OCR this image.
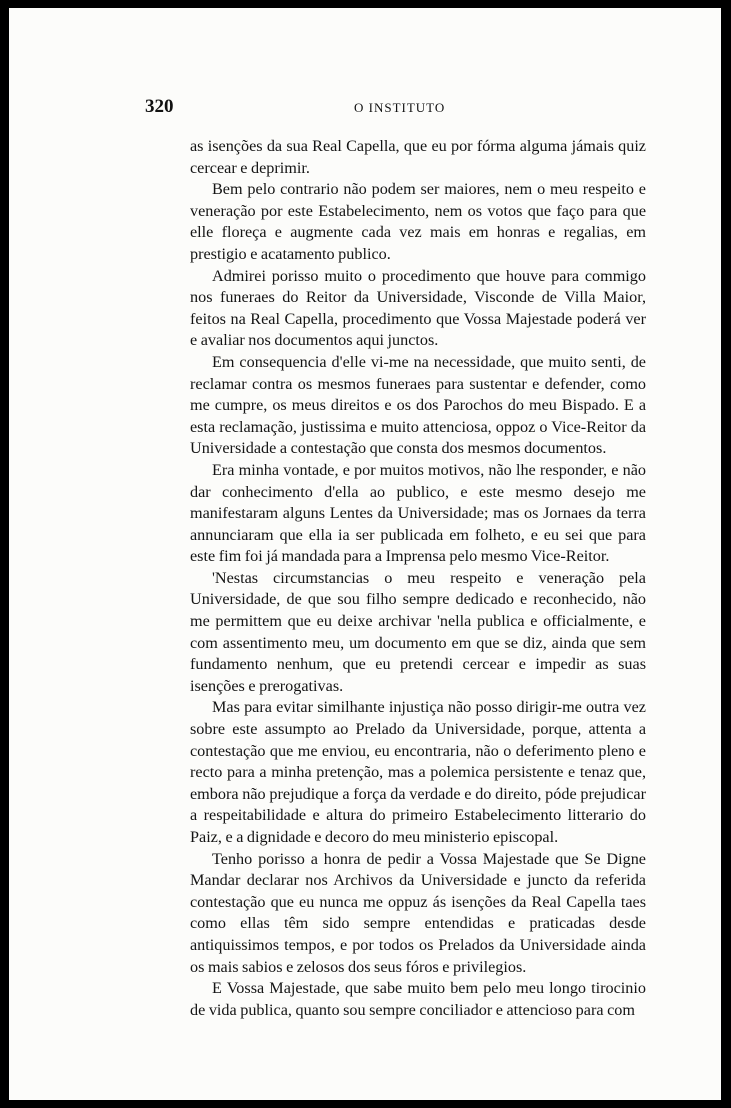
320	O INSTITUTO

as isenções da sua Real Capella, que eu por fórma alguma jámais quiz cercear e deprimir.

Bem pelo contrario não podem ser maiores, nem o meu respeito e veneração por este Estabelecimento, nem os votos que faço para que elle floreça e augmente cada vez mais em honras e regalias, em prestigio e acatamento publico.

Admirei porisso muito o procedimento que houve para commigo nos funeraes do Reitor da Universidade, Visconde de Villa Maior, feitos na Real Capella, procedimento que Vossa Majestade poderá ver e avaliar nos documentos aqui junctos.

Em consequencia d'elle vi-me na necessidade, que muito senti, de reclamar contra os mesmos funeraes para sustentar e defender, como me cumpre, os meus direitos e os dos Parochos do meu Bispado. E a esta reclamação, justissima e muito attenciosa, oppoz o Vice-Reitor da Universidade a contestação que consta dos mesmos documentos.

Era minha vontade, e por muitos motivos, não lhe responder, e não dar conhecimento d'ella ao publico, e este mesmo desejo me manifestaram alguns Lentes da Universidade; mas os Jornaes da terra annunciaram que ella ia ser publicada em folheto, e eu sei que para este fim foi já mandada para a Imprensa pelo mesmo Vice-Reitor.

'Nestas circumstancias o meu respeito e veneração pela Universidade, de que sou filho sempre dedicado e reconhecido, não me permittem que eu deixe archivar 'nella publica e officialmente, e com assentimento meu, um documento em que se diz, ainda que sem fundamento nenhum, que eu pretendi cercear e impedir as suas isenções e prerogativas.

Mas para evitar similhante injustiça não posso dirigir-me outra vez sobre este assumpto ao Prelado da Universidade, porque, attenta a contestação que me enviou, eu encontraria, não o deferimento pleno e recto para a minha pretenção, mas a polemica persistente e tenaz que, embora não prejudique a força da verdade e do direito, póde prejudicar a respeitabilidade e altura do primeiro Estabelecimento litterario do Paiz, e a dignidade e decoro do meu ministerio episcopal.

Tenho porisso a honra de pedir a Vossa Majestade que Se Digne Mandar declarar nos Archivos da Universidade e juncto da referida contestação que eu nunca me oppuz ás isenções da Real Capella taes como ellas têm sido sempre entendidas e praticadas desde antiquissimos tempos, e por todos os Prelados da Universidade ainda os mais sabios e zelosos dos seus fóros e privilegios.

E Vossa Majestade, que sabe muito bem pelo meu longo tirocinio de vida publica, quanto sou sempre conciliador e attencioso para com
